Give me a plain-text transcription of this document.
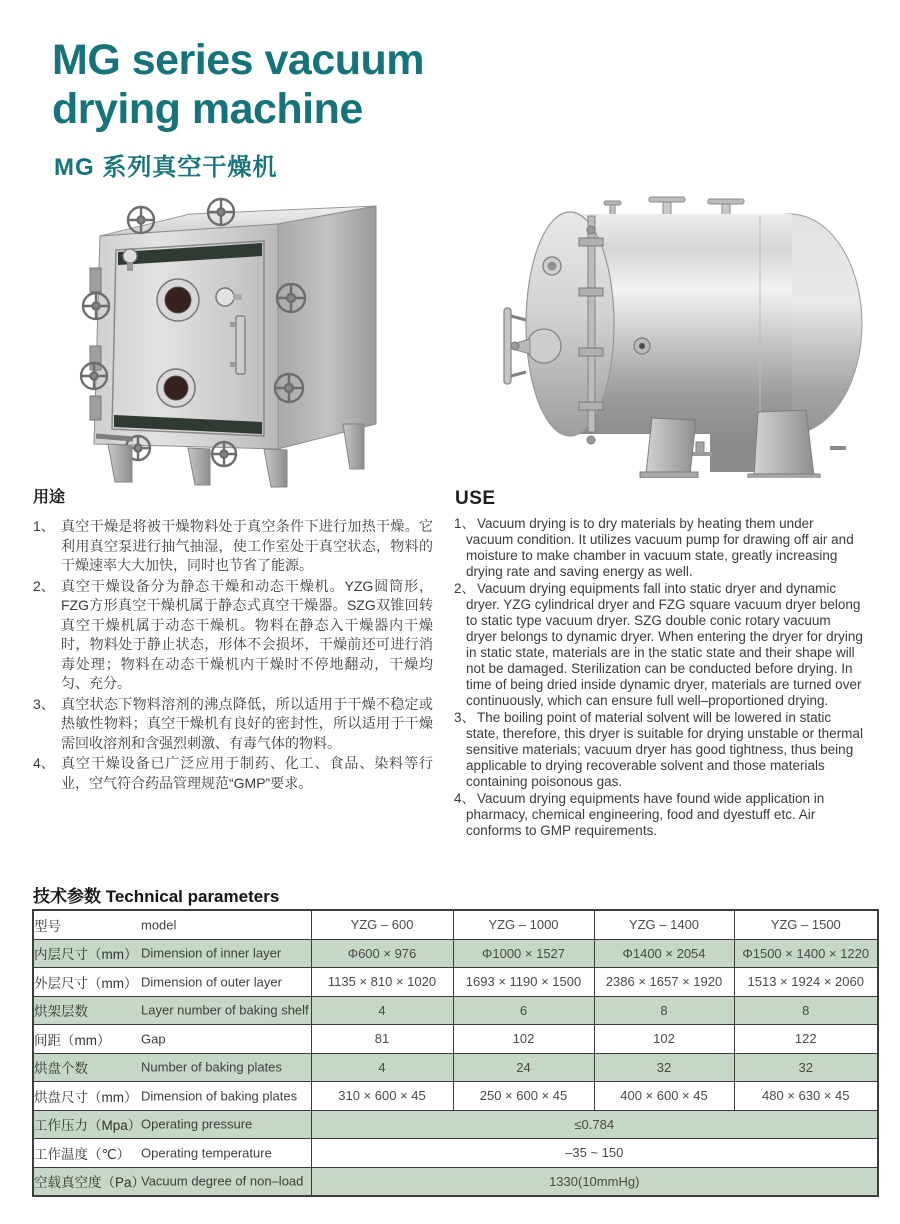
MG series vacuum
drying machine
MG 系列真空干燥机
用途
1、 真空干燥是将被干燥物料处于真空条件下进行加热干燥。它利用真空泵进行抽气抽湿，使工作室处于真空状态，物料的干燥速率大大加快，同时也节省了能源。
2、 真空干燥设备分为静态干燥和动态干燥机。YZG圆筒形，FZG方形真空干燥机属于静态式真空干燥器。SZG双锥回转真空干燥机属于动态干燥机。物料在静态入干燥器内干燥时，物料处于静止状态，形体不会损坏，干燥前还可进行消毒处理；物料在动态干燥机内干燥时不停地翻动，干燥均匀、充分。
3、 真空状态下物料溶剂的沸点降低，所以适用于干燥不稳定或热敏性物料；真空干燥机有良好的密封性，所以适用于干燥需回收溶剂和含强烈刺激、有毒气体的物料。
4、 真空干燥设备已广泛应用于制药、化工、食品、染料等行业，空气符合药品管理规范“GMP”要求。
USE
1、 Vacuum drying is to dry materials by heating them under vacuum condition. It utilizes vacuum pump for drawing off air and moisture to make chamber in vacuum state, greatly increasing drying rate and saving energy as well.
2、 Vacuum drying equipments fall into static dryer and dynamic dryer. YZG cylindrical dryer and FZG square vacuum dryer belong to static type vacuum dryer. SZG double conic rotary vacuum dryer belongs to dynamic dryer. When entering the dryer for drying in static state, materials are in the static state and their shape will not be damaged. Sterilization can be conducted before drying. In time of being dried inside dynamic dryer, materials are turned over continuously, which can ensure full well–proportioned drying.
3、 The boiling point of material solvent will be lowered in static state, therefore, this dryer is suitable for drying unstable or thermal sensitive materials; vacuum dryer has good tightness, thus being applicable to drying recoverable solvent and those materials containing poisonous gas.
4、 Vacuum drying equipments have found wide application in pharmacy, chemical engineering, food and dyestuff etc. Air conforms to GMP requirements.
技术参数 Technical parameters
型号 model	YZG – 600	YZG – 1000	YZG – 1400	YZG – 1500
内层尺寸（mm） Dimension of inner layer	Φ600 × 976	Φ1000 × 1527	Φ1400 × 2054	Φ1500 × 1400 × 1220
外层尺寸（mm） Dimension of outer layer	1135 × 810 × 1020	1693 × 1190 × 1500	2386 × 1657 × 1920	1513 × 1924 × 2060
烘架层数 Layer number of baking shelf	4	6	8	8
间距（mm） Gap	81	102	102	122
烘盘个数 Number of baking plates	4	24	32	32
烘盘尺寸（mm） Dimension of baking plates	310 × 600 × 45	250 × 600 × 45	400 × 600 × 45	480 × 630 × 45
工作压力（Mpa）Operating pressure	≤0.784			
工作温度（℃） Operating temperature	–35 ~ 150			
空载真空度（Pa）Vacuum degree of non–load	1330(10mmHg)			
